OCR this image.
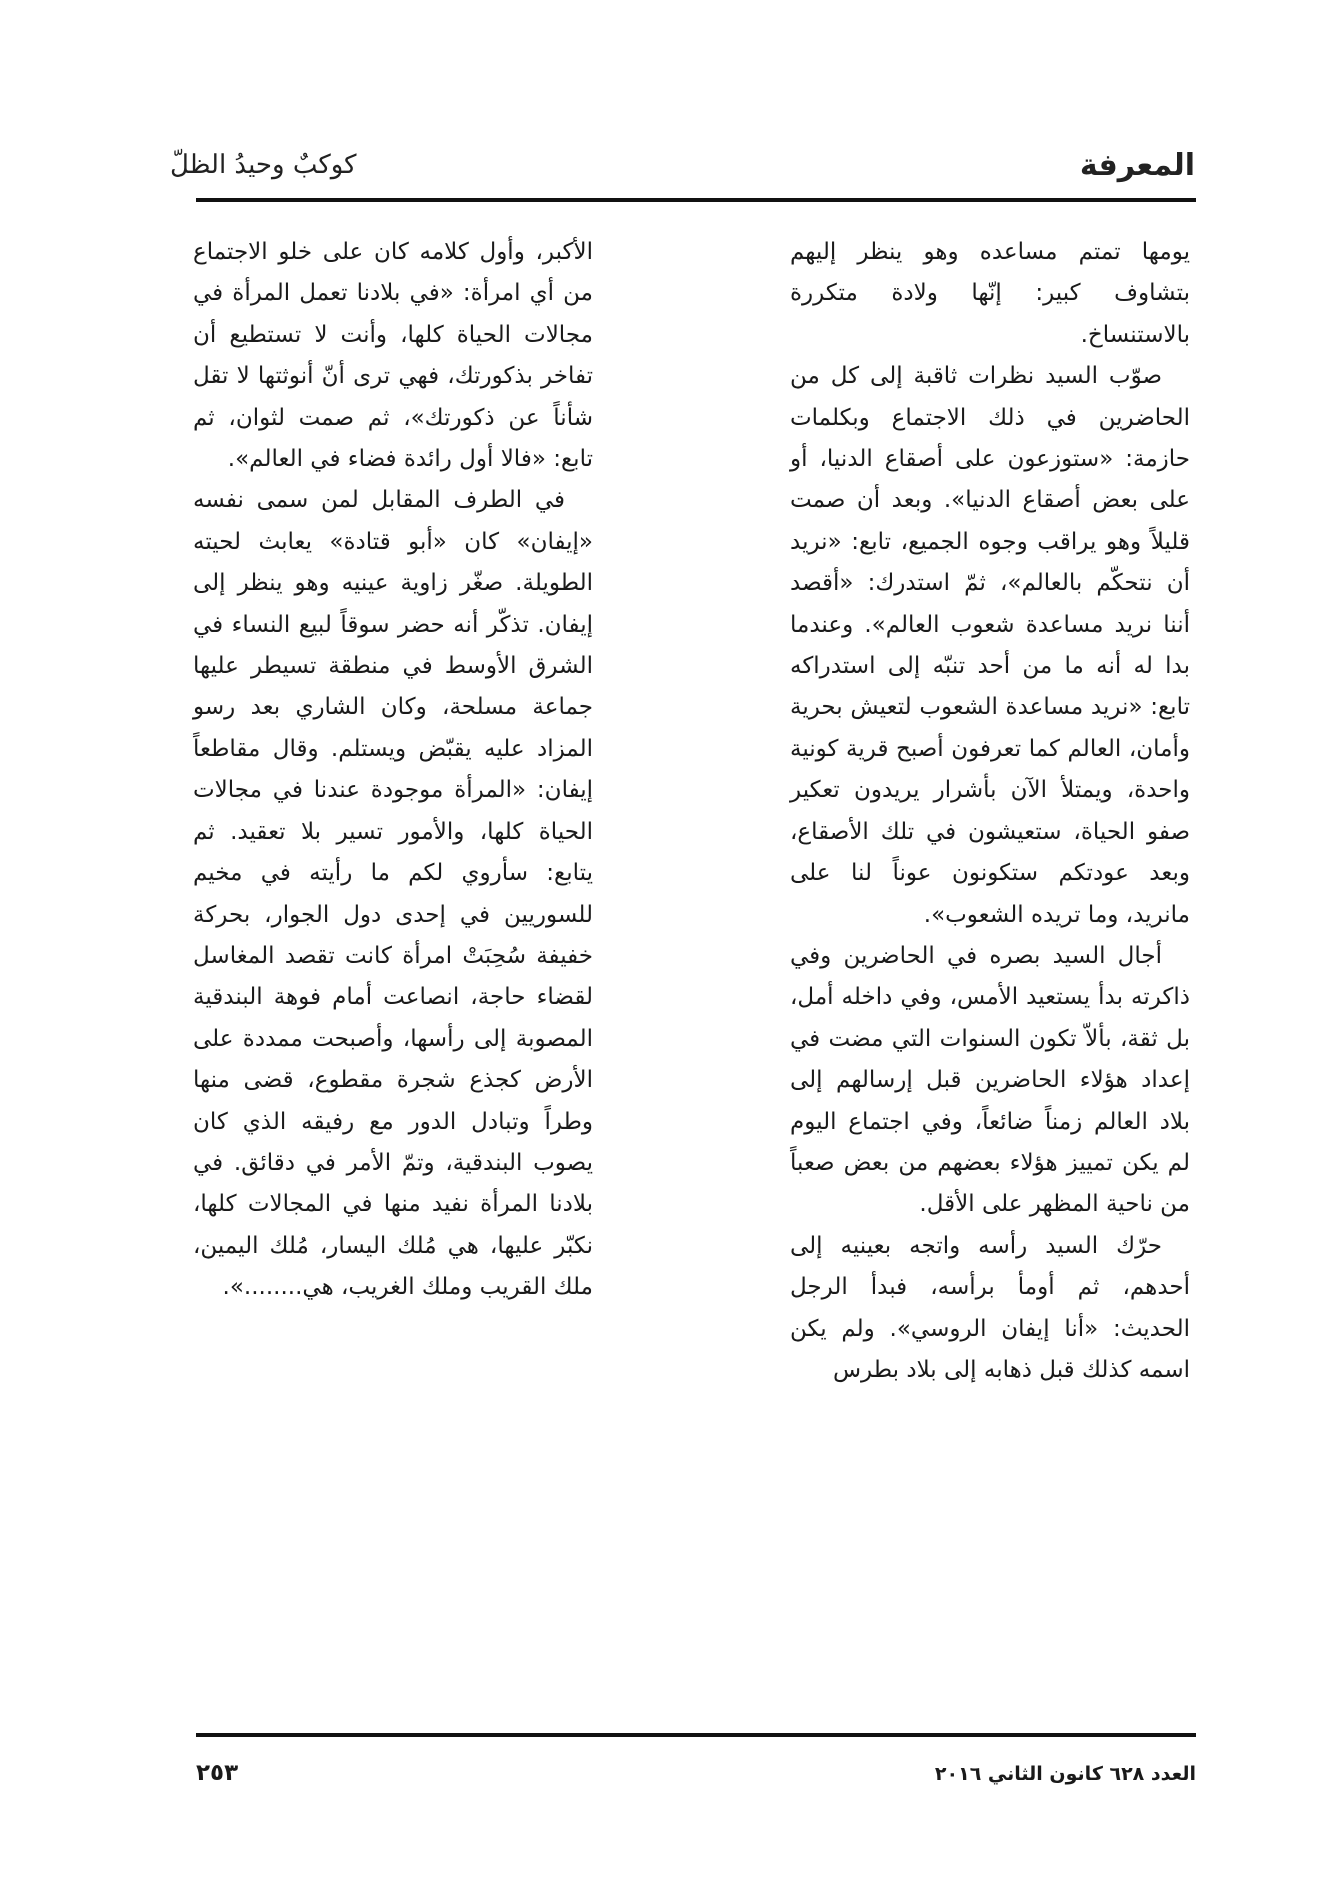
المعرفة
كوكبٌ وحيدُ الظلّ

يومها تمتم مساعده وهو ينظر إليهم بتشاوف كبير: إنّها ولادة متكررة بالاستنساخ.

صوّب السيد نظرات ثاقبة إلى كل من الحاضرين في ذلك الاجتماع وبكلمات حازمة: «ستوزعون على أصقاع الدنيا، أو على بعض أصقاع الدنيا». وبعد أن صمت قليلاً وهو يراقب وجوه الجميع، تابع: «نريد أن نتحكّم بالعالم»، ثمّ استدرك: «أقصد أننا نريد مساعدة شعوب العالم». وعندما بدا له أنه ما من أحد تنبّه إلى استدراكه تابع: «نريد مساعدة الشعوب لتعيش بحرية وأمان، العالم كما تعرفون أصبح قرية كونية واحدة، ويمتلأ الآن بأشرار يريدون تعكير صفو الحياة، ستعيشون في تلك الأصقاع، وبعد عودتكم ستكونون عوناً لنا على مانريد، وما تريده الشعوب».

أجال السيد بصره في الحاضرين وفي ذاكرته بدأ يستعيد الأمس، وفي داخله أمل، بل ثقة، بألاّ تكون السنوات التي مضت في إعداد هؤلاء الحاضرين قبل إرسالهم إلى بلاد العالم زمناً ضائعاً، وفي اجتماع اليوم لم يكن تمييز هؤلاء بعضهم من بعض صعباً من ناحية المظهر على الأقل.

حرّك السيد رأسه واتجه بعينيه إلى أحدهم، ثم أومأ برأسه، فبدأ الرجل الحديث: «أنا إيفان الروسي». ولم يكن اسمه كذلك قبل ذهابه إلى بلاد بطرس

الأكبر، وأول كلامه كان على خلو الاجتماع من أي امرأة: «في بلادنا تعمل المرأة في مجالات الحياة كلها، وأنت لا تستطيع أن تفاخر بذكورتك، فهي ترى أنّ أنوثتها لا تقل شأناً عن ذكورتك»، ثم صمت لثوان، ثم تابع: «فالا أول رائدة فضاء في العالم».

في الطرف المقابل لمن سمى نفسه «إيفان» كان «أبو قتادة» يعابث لحيته الطويلة. صغّر زاوية عينيه وهو ينظر إلى إيفان. تذكّر أنه حضر سوقاً لبيع النساء في الشرق الأوسط في منطقة تسيطر عليها جماعة مسلحة، وكان الشاري بعد رسو المزاد عليه يقبّض ويستلم. وقال مقاطعاً إيفان: «المرأة موجودة عندنا في مجالات الحياة كلها، والأمور تسير بلا تعقيد. ثم يتابع: سأروي لكم ما رأيته في مخيم للسوريين في إحدى دول الجوار، بحركة خفيفة سُحِبَتْ امرأة كانت تقصد المغاسل لقضاء حاجة، انصاعت أمام فوهة البندقية المصوبة إلى رأسها، وأصبحت ممددة على الأرض كجذع شجرة مقطوع، قضى منها وطراً وتبادل الدور مع رفيقه الذي كان يصوب البندقية، وتمّ الأمر في دقائق. في بلادنا المرأة نفيد منها في المجالات كلها، نكبّر عليها، هي مُلك اليسار، مُلك اليمين، ملك القريب وملك الغريب، هي........».

العدد ٦٢٨ كانون الثاني ٢٠١٦
٢٥٣
